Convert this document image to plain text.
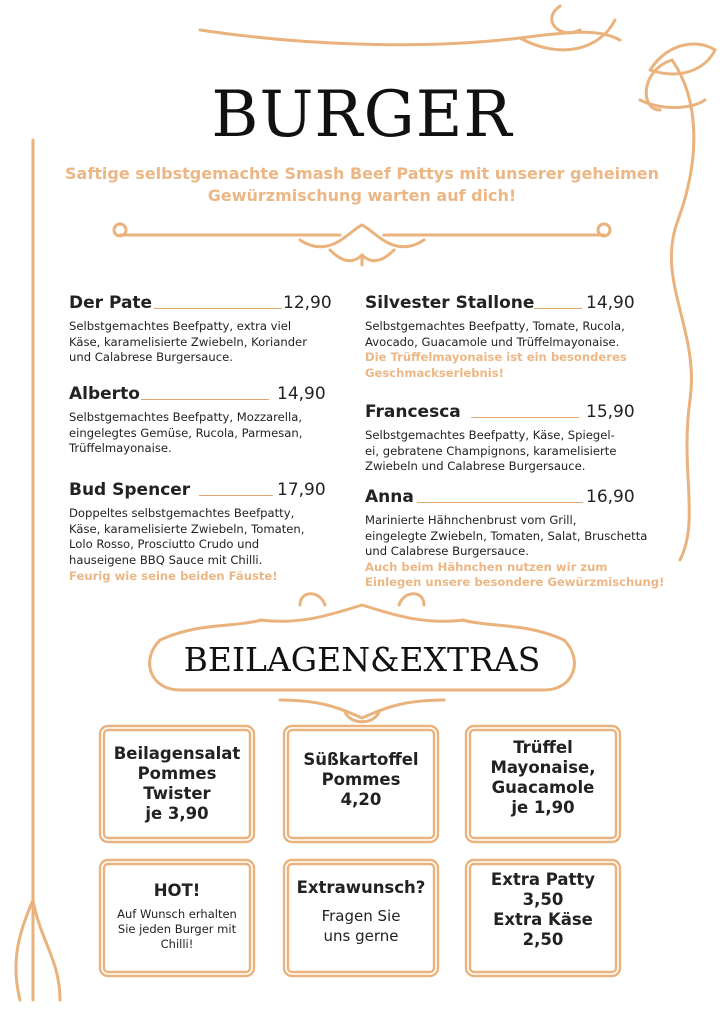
BURGER
Saftige selbstgemachte Smash Beef Pattys mit unserer geheimen
Gewürzmischung warten auf dich!
Der Pate	12,90
Selbstgemachtes Beefpatty, extra viel
Käse, karamelisierte Zwiebeln, Koriander
und Calabrese Burgersauce.
Alberto	14,90
Selbstgemachtes Beefpatty, Mozzarella,
eingelegtes Gemüse, Rucola, Parmesan,
Trüffelmayonaise.
Bud Spencer	17,90
Doppeltes selbstgemachtes Beefpatty,
Käse, karamelisierte Zwiebeln, Tomaten,
Lolo Rosso, Prosciutto Crudo und
hauseigene BBQ Sauce mit Chilli.
Feurig wie seine beiden Fäuste!
Silvester Stallone	14,90
Selbstgemachtes Beefpatty, Tomate, Rucola,
Avocado, Guacamole und Trüffelmayonaise.
Die Trüffelmayonaise ist ein besonderes
Geschmackserlebnis!
Francesca	15,90
Selbstgemachtes Beefpatty, Käse, Spiegel-
ei, gebratene Champignons, karamelisierte
Zwiebeln und Calabrese Burgersauce.
Anna	16,90
Marinierte Hähnchenbrust vom Grill,
eingelegte Zwiebeln, Tomaten, Salat, Bruschetta
und Calabrese Burgersauce.
Auch beim Hähnchen nutzen wir zum
Einlegen unsere besondere Gewürzmischung!
BEILAGEN&EXTRAS
Beilagensalat
Pommes
Twister
je 3,90
Süßkartoffel
Pommes
4,20
Trüffel
Mayonaise,
Guacamole
je 1,90
HOT!
Auf Wunsch erhalten
Sie jeden Burger mit
Chilli!
Extrawunsch?
Fragen Sie
uns gerne
Extra Patty
3,50
Extra Käse
2,50
